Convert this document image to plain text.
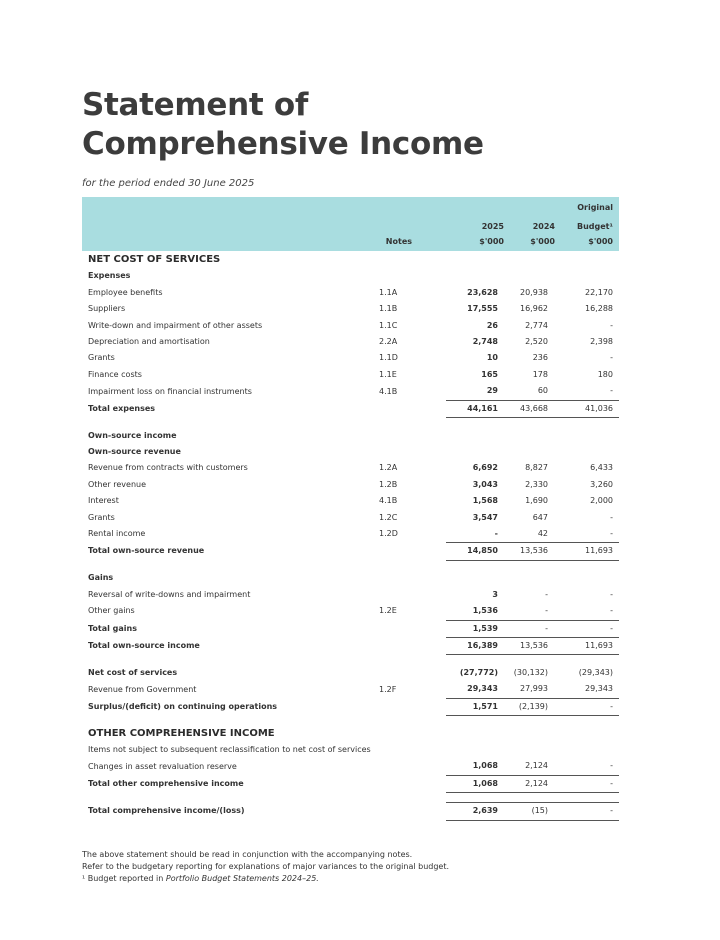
Statement of
Comprehensive Income
for the period ended 30 June 2025
Original
2025	2024	Budget¹
Notes	$'000	$'000	$'000
NET COST OF SERVICES				
Expenses				
Employee benefits	1.1A	23,628	20,938	22,170
Suppliers	1.1B	17,555	16,962	16,288
Write-down and impairment of other assets	1.1C	26	2,774	-
Depreciation and amortisation	2.2A	2,748	2,520	2,398
Grants	1.1D	10	236	-
Finance costs	1.1E	165	178	180
Impairment loss on financial instruments	4.1B	29	60	-
Total expenses		44,161	43,668	41,036

Own-source income				
Own-source revenue				
Revenue from contracts with customers	1.2A	6,692	8,827	6,433
Other revenue	1.2B	3,043	2,330	3,260
Interest	4.1B	1,568	1,690	2,000
Grants	1.2C	3,547	647	-
Rental income	1.2D	-	42	-
Total own-source revenue		14,850	13,536	11,693

Gains				
Reversal of write-downs and impairment		3	-	-
Other gains	1.2E	1,536	-	-
Total gains		1,539	-	-
Total own-source income		16,389	13,536	11,693

Net cost of services		(27,772)	(30,132)	(29,343)
Revenue from Government	1.2F	29,343	27,993	29,343
Surplus/(deficit) on continuing operations		1,571	(2,139)	-

OTHER COMPREHENSIVE INCOME				
Items not subject to subsequent reclassification to net cost of services				
Changes in asset revaluation reserve		1,068	2,124	-
Total other comprehensive income		1,068	2,124	-

Total comprehensive income/(loss)		2,639	(15)	-
The above statement should be read in conjunction with the accompanying notes.
Refer to the budgetary reporting for explanations of major variances to the original budget.
¹ Budget reported in Portfolio Budget Statements 2024–25.
